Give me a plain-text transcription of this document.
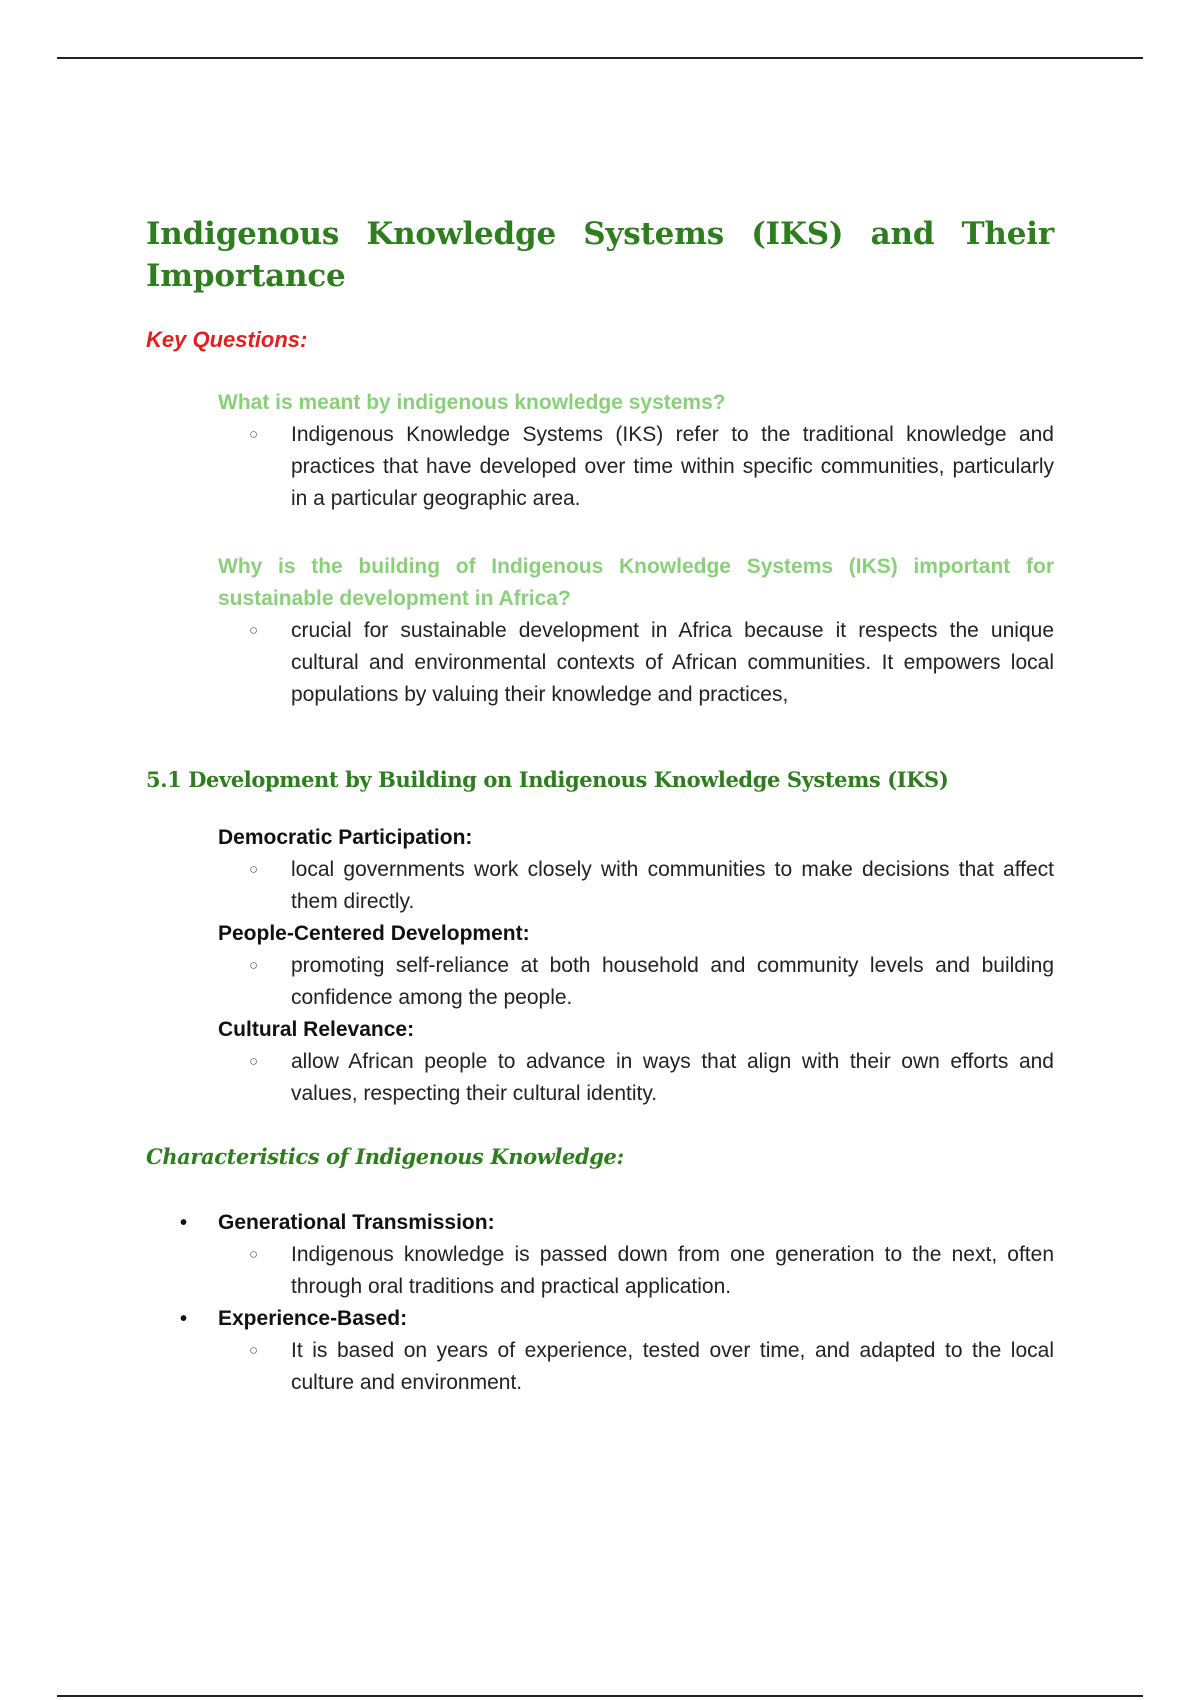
Indigenous Knowledge Systems (IKS) and Their Importance
Key Questions:
What is meant by indigenous knowledge systems?
○ Indigenous Knowledge Systems (IKS) refer to the traditional knowledge and practices that have developed over time within specific communities, particularly in a particular geographic area.
Why is the building of Indigenous Knowledge Systems (IKS) important for sustainable development in Africa?
○ crucial for sustainable development in Africa because it respects the unique cultural and environmental contexts of African communities. It empowers local populations by valuing their knowledge and practices,
5.1 Development by Building on Indigenous Knowledge Systems (IKS)
Democratic Participation:
○ local governments work closely with communities to make decisions that affect them directly.
People-Centered Development:
○ promoting self-reliance at both household and community levels and building confidence among the people.
Cultural Relevance:
○ allow African people to advance in ways that align with their own efforts and values, respecting their cultural identity.
Characteristics of Indigenous Knowledge:
• Generational Transmission:
○ Indigenous knowledge is passed down from one generation to the next, often through oral traditions and practical application.
• Experience-Based:
○ It is based on years of experience, tested over time, and adapted to the local culture and environment.
